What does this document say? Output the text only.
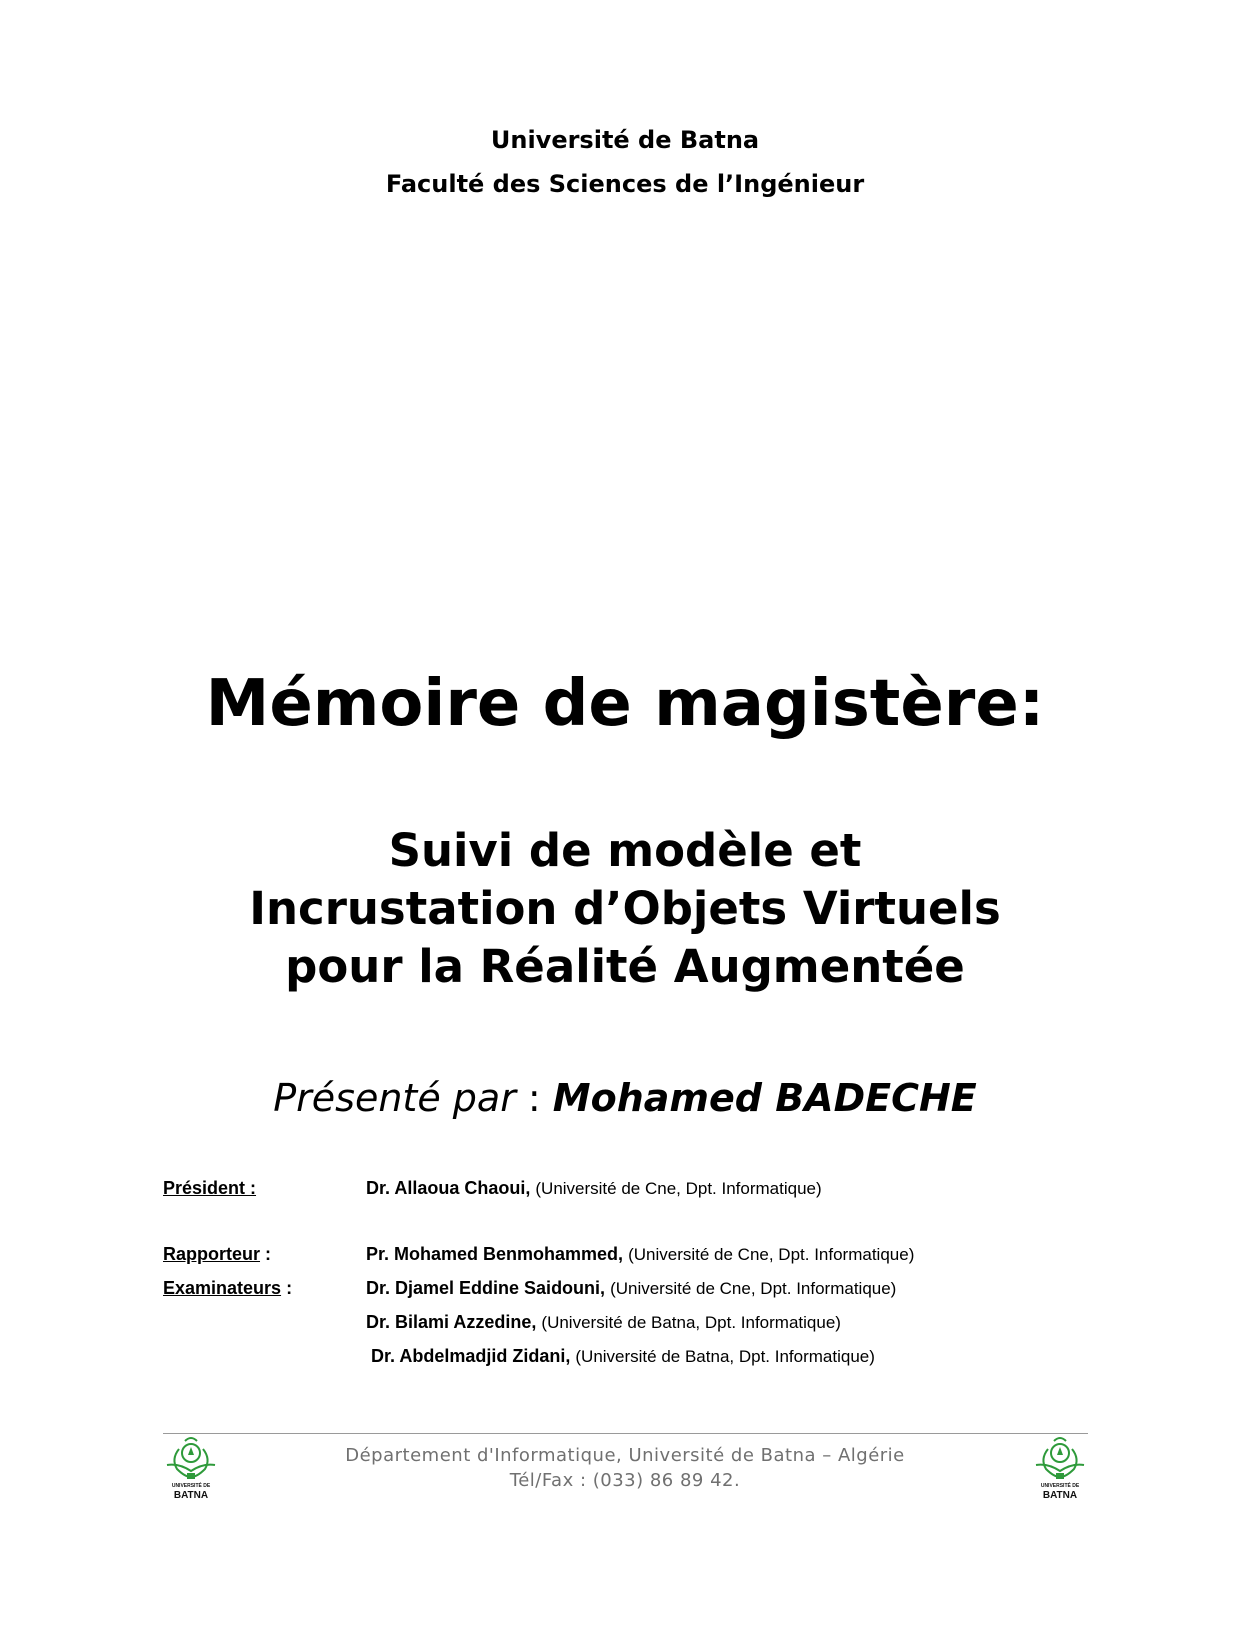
Université de Batna
Faculté des Sciences de l’Ingénieur
Mémoire de magistère:
Suivi de modèle et
Incrustation d’Objets Virtuels
pour la Réalité Augmentée
Présenté par : Mohamed BADECHE
Président :	Dr. Allaoua Chaoui, (Université de Cne, Dpt. Informatique)
Rapporteur :	Pr. Mohamed Benmohammed, (Université de Cne, Dpt. Informatique)
Examinateurs :	Dr. Djamel Eddine Saidouni, (Université de Cne, Dpt. Informatique)
Dr. Bilami Azzedine, (Université de Batna, Dpt. Informatique)
Dr. Abdelmadjid Zidani, (Université de Batna, Dpt. Informatique)
UNIVERSITÉ DE
BATNA
Département d'Informatique, Université de Batna – Algérie
Tél/Fax : (033) 86 89 42.	UNIVERSITÉ DE
BATNA
